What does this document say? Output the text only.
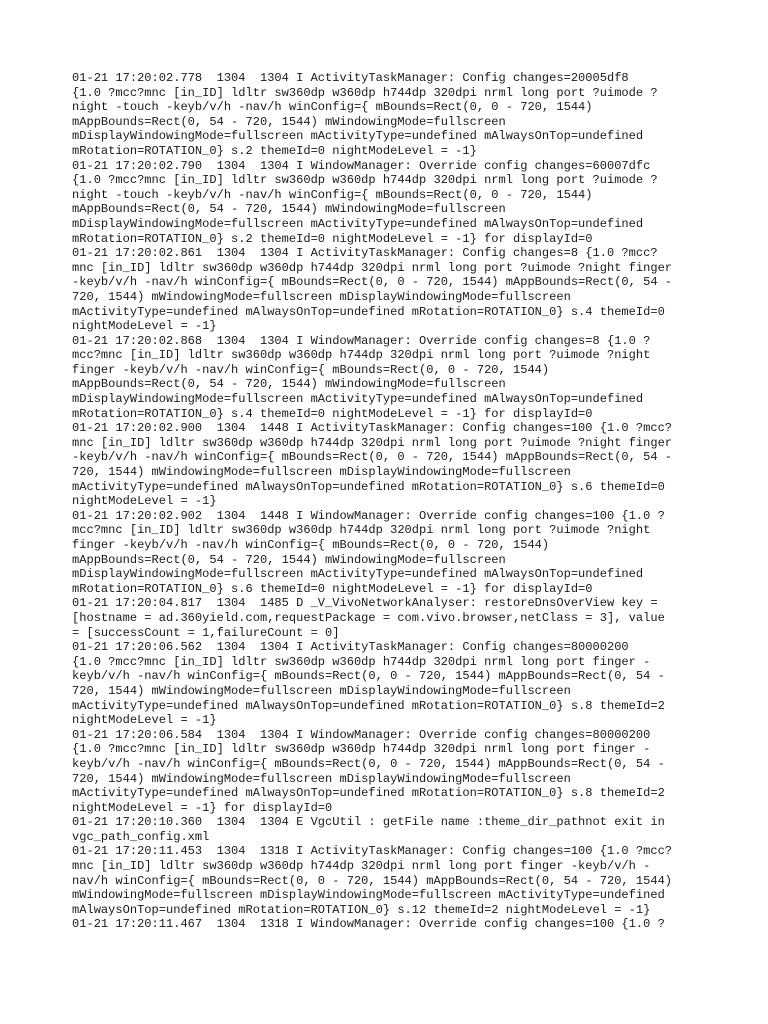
01-21 17:20:02.778  1304  1304 I ActivityTaskManager: Config changes=20005df8
{1.0 ?mcc?mnc [in_ID] ldltr sw360dp w360dp h744dp 320dpi nrml long port ?uimode ?
night -touch -keyb/v/h -nav/h winConfig={ mBounds=Rect(0, 0 - 720, 1544)
mAppBounds=Rect(0, 54 - 720, 1544) mWindowingMode=fullscreen
mDisplayWindowingMode=fullscreen mActivityType=undefined mAlwaysOnTop=undefined
mRotation=ROTATION_0} s.2 themeId=0 nightModeLevel = -1}
01-21 17:20:02.790  1304  1304 I WindowManager: Override config changes=60007dfc
{1.0 ?mcc?mnc [in_ID] ldltr sw360dp w360dp h744dp 320dpi nrml long port ?uimode ?
night -touch -keyb/v/h -nav/h winConfig={ mBounds=Rect(0, 0 - 720, 1544)
mAppBounds=Rect(0, 54 - 720, 1544) mWindowingMode=fullscreen
mDisplayWindowingMode=fullscreen mActivityType=undefined mAlwaysOnTop=undefined
mRotation=ROTATION_0} s.2 themeId=0 nightModeLevel = -1} for displayId=0
01-21 17:20:02.861  1304  1304 I ActivityTaskManager: Config changes=8 {1.0 ?mcc?
mnc [in_ID] ldltr sw360dp w360dp h744dp 320dpi nrml long port ?uimode ?night finger
-keyb/v/h -nav/h winConfig={ mBounds=Rect(0, 0 - 720, 1544) mAppBounds=Rect(0, 54 -
720, 1544) mWindowingMode=fullscreen mDisplayWindowingMode=fullscreen
mActivityType=undefined mAlwaysOnTop=undefined mRotation=ROTATION_0} s.4 themeId=0
nightModeLevel = -1}
01-21 17:20:02.868  1304  1304 I WindowManager: Override config changes=8 {1.0 ?
mcc?mnc [in_ID] ldltr sw360dp w360dp h744dp 320dpi nrml long port ?uimode ?night
finger -keyb/v/h -nav/h winConfig={ mBounds=Rect(0, 0 - 720, 1544)
mAppBounds=Rect(0, 54 - 720, 1544) mWindowingMode=fullscreen
mDisplayWindowingMode=fullscreen mActivityType=undefined mAlwaysOnTop=undefined
mRotation=ROTATION_0} s.4 themeId=0 nightModeLevel = -1} for displayId=0
01-21 17:20:02.900  1304  1448 I ActivityTaskManager: Config changes=100 {1.0 ?mcc?
mnc [in_ID] ldltr sw360dp w360dp h744dp 320dpi nrml long port ?uimode ?night finger
-keyb/v/h -nav/h winConfig={ mBounds=Rect(0, 0 - 720, 1544) mAppBounds=Rect(0, 54 -
720, 1544) mWindowingMode=fullscreen mDisplayWindowingMode=fullscreen
mActivityType=undefined mAlwaysOnTop=undefined mRotation=ROTATION_0} s.6 themeId=0
nightModeLevel = -1}
01-21 17:20:02.902  1304  1448 I WindowManager: Override config changes=100 {1.0 ?
mcc?mnc [in_ID] ldltr sw360dp w360dp h744dp 320dpi nrml long port ?uimode ?night
finger -keyb/v/h -nav/h winConfig={ mBounds=Rect(0, 0 - 720, 1544)
mAppBounds=Rect(0, 54 - 720, 1544) mWindowingMode=fullscreen
mDisplayWindowingMode=fullscreen mActivityType=undefined mAlwaysOnTop=undefined
mRotation=ROTATION_0} s.6 themeId=0 nightModeLevel = -1} for displayId=0
01-21 17:20:04.817  1304  1485 D _V_VivoNetworkAnalyser: restoreDnsOverView key =
[hostname = ad.360yield.com,requestPackage = com.vivo.browser,netClass = 3], value
= [successCount = 1,failureCount = 0]
01-21 17:20:06.562  1304  1304 I ActivityTaskManager: Config changes=80000200
{1.0 ?mcc?mnc [in_ID] ldltr sw360dp w360dp h744dp 320dpi nrml long port finger -
keyb/v/h -nav/h winConfig={ mBounds=Rect(0, 0 - 720, 1544) mAppBounds=Rect(0, 54 -
720, 1544) mWindowingMode=fullscreen mDisplayWindowingMode=fullscreen
mActivityType=undefined mAlwaysOnTop=undefined mRotation=ROTATION_0} s.8 themeId=2
nightModeLevel = -1}
01-21 17:20:06.584  1304  1304 I WindowManager: Override config changes=80000200
{1.0 ?mcc?mnc [in_ID] ldltr sw360dp w360dp h744dp 320dpi nrml long port finger -
keyb/v/h -nav/h winConfig={ mBounds=Rect(0, 0 - 720, 1544) mAppBounds=Rect(0, 54 -
720, 1544) mWindowingMode=fullscreen mDisplayWindowingMode=fullscreen
mActivityType=undefined mAlwaysOnTop=undefined mRotation=ROTATION_0} s.8 themeId=2
nightModeLevel = -1} for displayId=0
01-21 17:20:10.360  1304  1304 E VgcUtil : getFile name :theme_dir_pathnot exit in
vgc_path_config.xml
01-21 17:20:11.453  1304  1318 I ActivityTaskManager: Config changes=100 {1.0 ?mcc?
mnc [in_ID] ldltr sw360dp w360dp h744dp 320dpi nrml long port finger -keyb/v/h -
nav/h winConfig={ mBounds=Rect(0, 0 - 720, 1544) mAppBounds=Rect(0, 54 - 720, 1544)
mWindowingMode=fullscreen mDisplayWindowingMode=fullscreen mActivityType=undefined
mAlwaysOnTop=undefined mRotation=ROTATION_0} s.12 themeId=2 nightModeLevel = -1}
01-21 17:20:11.467  1304  1318 I WindowManager: Override config changes=100 {1.0 ?
